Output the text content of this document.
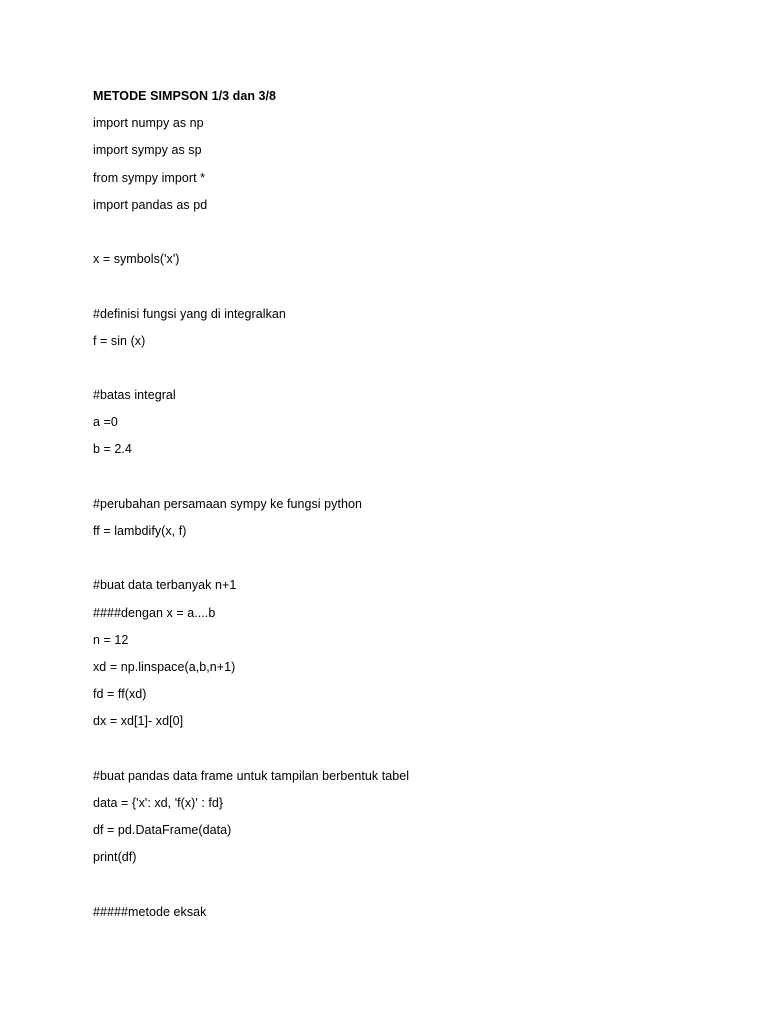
METODE SIMPSON 1/3 dan 3/8
import numpy as np
import sympy as sp
from sympy import *
import pandas as pd
x = symbols('x')
#definisi fungsi yang di integralkan
f = sin (x)
#batas integral
a =0
b = 2.4
#perubahan persamaan sympy ke fungsi python
ff = lambdify(x, f)
#buat data terbanyak n+1
####dengan x = a....b
n = 12
xd = np.linspace(a,b,n+1)
fd = ff(xd)
dx = xd[1]- xd[0]
#buat pandas data frame untuk tampilan berbentuk tabel
data = {'x': xd, 'f(x)' : fd}
df = pd.DataFrame(data)
print(df)
#####metode eksak
